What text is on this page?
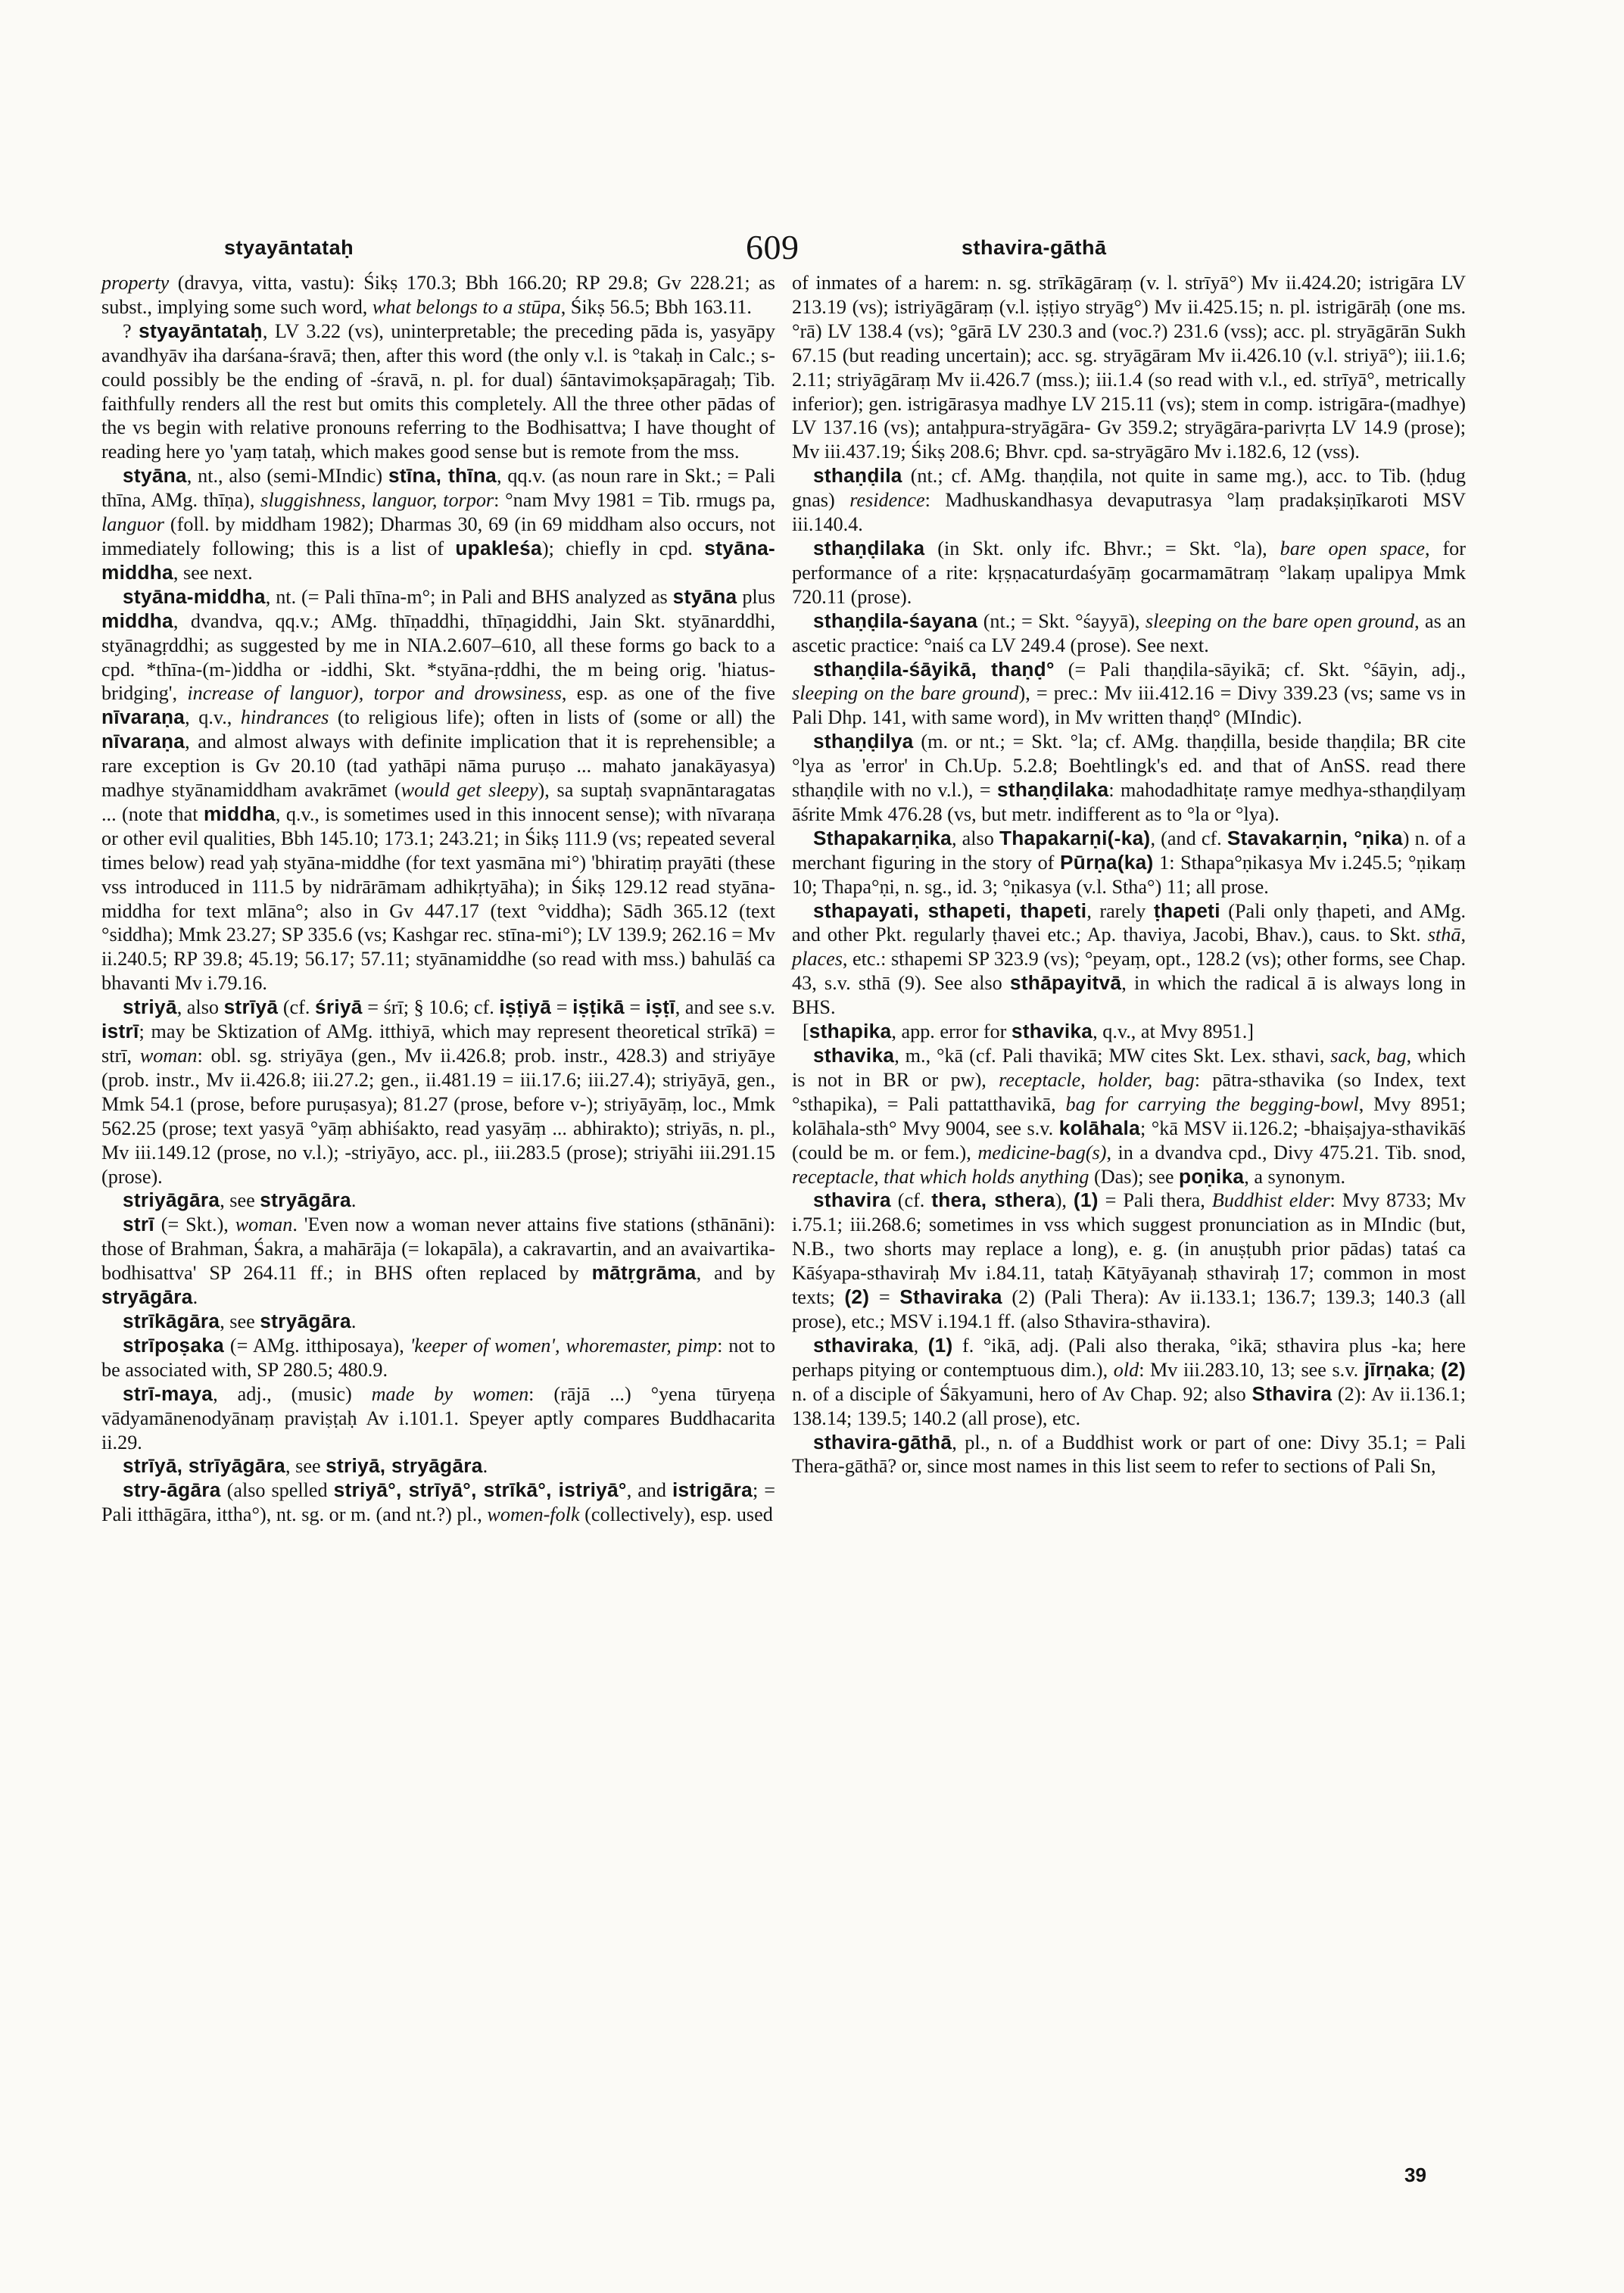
styayāntataḥ	609	sthavira-gāthā

property (dravya, vitta, vastu): Śikṣ 170.3; Bbh 166.20; RP 29.8; Gv 228.21; as subst., implying some such word, what belongs to a stūpa, Śikṣ 56.5; Bbh 163.11.

? styayāntataḥ, LV 3.22 (vs), uninterpretable; the preceding pāda is, yasyāpy avandhyāv iha darśana-śravā; then, after this word (the only v.l. is °takaḥ in Calc.; s- could possibly be the ending of -śravā, n. pl. for dual) śāntavimokṣapāragaḥ; Tib. faithfully renders all the rest but omits this completely. All the three other pādas of the vs begin with relative pronouns referring to the Bodhisattva; I have thought of reading here yo 'yaṃ tataḥ, which makes good sense but is remote from the mss.

styāna, nt., also (semi-MIndic) stīna, thīna, qq.v. (as noun rare in Skt.; = Pali thīna, AMg. thīṇa), sluggishness, languor, torpor: °nam Mvy 1981 = Tib. rmugs pa, languor (foll. by middham 1982); Dharmas 30, 69 (in 69 middham also occurs, not immediately following; this is a list of upakleśa); chiefly in cpd. styāna-middha, see next.

styāna-middha, nt. (= Pali thīna-m°; in Pali and BHS analyzed as styāna plus middha, dvandva, qq.v.; AMg. thīṇaddhi, thīṇagiddhi, Jain Skt. styānarddhi, styānagṛddhi; as suggested by me in NIA.2.607–610, all these forms go back to a cpd. *thīna-(m-)iddha or -iddhi, Skt. *styāna-ṛddhi, the m being orig. 'hiatus-bridging', increase of languor), torpor and drowsiness, esp. as one of the five nīvaraṇa, q.v., hindrances (to religious life); often in lists of (some or all) the nīvaraṇa, and almost always with definite implication that it is reprehensible; a rare exception is Gv 20.10 (tad yathāpi nāma puruṣo ... mahato janakāyasya) madhye styānamiddham avakrāmet (would get sleepy), sa suptaḥ svapnāntaragatas ... (note that middha, q.v., is sometimes used in this innocent sense); with nīvaraṇa or other evil qualities, Bbh 145.10; 173.1; 243.21; in Śikṣ 111.9 (vs; repeated several times below) read yaḥ styāna-middhe (for text yasmāna mi°) 'bhiratiṃ prayāti (these vss introduced in 111.5 by nidrārāmam adhikṛtyāha); in Śikṣ 129.12 read styāna-middha for text mlāna°; also in Gv 447.17 (text °viddha); Sādh 365.12 (text °siddha); Mmk 23.27; SP 335.6 (vs; Kashgar rec. stīna-mi°); LV 139.9; 262.16 = Mv ii.240.5; RP 39.8; 45.19; 56.17; 57.11; styānamiddhe (so read with mss.) bahulāś ca bhavanti Mv i.79.16.

striyā, also strīyā (cf. śriyā = śrī; § 10.6; cf. iṣṭiyā = iṣṭikā = iṣṭī, and see s.v. istrī; may be Sktization of AMg. itthiyā, which may represent theoretical strīkā) = strī, woman: obl. sg. striyāya (gen., Mv ii.426.8; prob. instr., 428.3) and striyāye (prob. instr., Mv ii.426.8; iii.27.2; gen., ii.481.19 = iii.17.6; iii.27.4); striyāyā, gen., Mmk 54.1 (prose, before puruṣasya); 81.27 (prose, before v-); striyāyāṃ, loc., Mmk 562.25 (prose; text yasyā °yāṃ abhiśakto, read yasyāṃ ... abhirakto); striyās, n. pl., Mv iii.149.12 (prose, no v.l.); -striyāyo, acc. pl., iii.283.5 (prose); striyāhi iii.291.15 (prose).

striyāgāra, see stryāgāra.

strī (= Skt.), woman. 'Even now a woman never attains five stations (sthānāni): those of Brahman, Śakra, a mahārāja (= lokapāla), a cakravartin, and an avaivartika-bodhisattva' SP 264.11 ff.; in BHS often replaced by mātṛgrāma, and by stryāgāra.

strīkāgāra, see stryāgāra.

strīpoṣaka (= AMg. itthiposaya), 'keeper of women', whoremaster, pimp: not to be associated with, SP 280.5; 480.9.

strī-maya, adj., (music) made by women: (rājā ...) °yena tūryeṇa vādyamānenodyānaṃ praviṣṭaḥ Av i.101.1. Speyer aptly compares Buddhacarita ii.29.

strīyā, strīyāgāra, see striyā, stryāgāra.

stry-āgāra (also spelled striyā°, strīyā°, strīkā°, istriyā°, and istrigāra; = Pali itthāgāra, ittha°), nt. sg. or m. (and nt.?) pl., women-folk (collectively), esp. used

of inmates of a harem: n. sg. strīkāgāraṃ (v. l. strīyā°) Mv ii.424.20; istrigāra LV 213.19 (vs); istriyāgāraṃ (v.l. iṣṭiyo stryāg°) Mv ii.425.15; n. pl. istrigārāḥ (one ms. °rā) LV 138.4 (vs); °gārā LV 230.3 and (voc.?) 231.6 (vss); acc. pl. stryāgārān Sukh 67.15 (but reading uncertain); acc. sg. stryāgāram Mv ii.426.10 (v.l. striyā°); iii.1.6; 2.11; striyāgāraṃ Mv ii.426.7 (mss.); iii.1.4 (so read with v.l., ed. strīyā°, metrically inferior); gen. istrigārasya madhye LV 215.11 (vs); stem in comp. istrigāra-(madhye) LV 137.16 (vs); antaḥpura-stryāgāra- Gv 359.2; stryāgāra-parivṛta LV 14.9 (prose); Mv iii.437.19; Śikṣ 208.6; Bhvr. cpd. sa-stryāgāro Mv i.182.6, 12 (vss).

sthaṇḍila (nt.; cf. AMg. thaṇḍila, not quite in same mg.), acc. to Tib. (ḥdug gnas) residence: Madhuskandhasya devaputrasya °laṃ pradakṣiṇīkaroti MSV iii.140.4.

sthaṇḍilaka (in Skt. only ifc. Bhvr.; = Skt. °la), bare open space, for performance of a rite: kṛṣṇacaturdaśyāṃ gocarmamātraṃ °lakaṃ upalipya Mmk 720.11 (prose).

sthaṇḍila-śayana (nt.; = Skt. °śayyā), sleeping on the bare open ground, as an ascetic practice: °naiś ca LV 249.4 (prose). See next.

sthaṇḍila-śāyikā, thaṇḍ° (= Pali thaṇḍila-sāyikā; cf. Skt. °śāyin, adj., sleeping on the bare ground), = prec.: Mv iii.412.16 = Divy 339.23 (vs; same vs in Pali Dhp. 141, with same word), in Mv written thaṇḍ° (MIndic).

sthaṇḍilya (m. or nt.; = Skt. °la; cf. AMg. thaṇḍilla, beside thaṇḍila; BR cite °lya as 'error' in Ch.Up. 5.2.8; Boehtlingk's ed. and that of AnSS. read there sthaṇḍile with no v.l.), = sthaṇḍilaka: mahodadhitaṭe ramye medhya-sthaṇḍilyaṃ āśrite Mmk 476.28 (vs, but metr. indifferent as to °la or °lya).

Sthapakarṇika, also Thapakarṇi(-ka), (and cf. Stavakarṇin, °ṇika) n. of a merchant figuring in the story of Pūrṇa(ka) 1: Sthapa°ṇikasya Mv i.245.5; °ṇikaṃ 10; Thapa°ṇi, n. sg., id. 3; °ṇikasya (v.l. Stha°) 11; all prose.

sthapayati, sthapeti, thapeti, rarely ṭhapeti (Pali only ṭhapeti, and AMg. and other Pkt. regularly ṭhavei etc.; Ap. thaviya, Jacobi, Bhav.), caus. to Skt. sthā, places, etc.: sthapemi SP 323.9 (vs); °peyaṃ, opt., 128.2 (vs); other forms, see Chap. 43, s.v. sthā (9). See also sthāpayitvā, in which the radical ā is always long in BHS.

[sthapika, app. error for sthavika, q.v., at Mvy 8951.]

sthavika, m., °kā (cf. Pali thavikā; MW cites Skt. Lex. sthavi, sack, bag, which is not in BR or pw), receptacle, holder, bag: pātra-sthavika (so Index, text °sthapika), = Pali pattatthavikā, bag for carrying the begging-bowl, Mvy 8951; kolāhala-sth° Mvy 9004, see s.v. kolāhala; °kā MSV ii.126.2; -bhaiṣajya-sthavikāś (could be m. or fem.), medicine-bag(s), in a dvandva cpd., Divy 475.21. Tib. snod, receptacle, that which holds anything (Das); see poṇika, a synonym.

sthavira (cf. thera, sthera), (1) = Pali thera, Buddhist elder: Mvy 8733; Mv i.75.1; iii.268.6; sometimes in vss which suggest pronunciation as in MIndic (but, N.B., two shorts may replace a long), e. g. (in anuṣṭubh prior pādas) tataś ca Kāśyapa-sthaviraḥ Mv i.84.11, tataḥ Kātyāyanaḥ sthaviraḥ 17; common in most texts; (2) = Sthaviraka (2) (Pali Thera): Av ii.133.1; 136.7; 139.3; 140.3 (all prose), etc.; MSV i.194.1 ff. (also Sthavira-sthavira).

sthaviraka, (1) f. °ikā, adj. (Pali also theraka, °ikā; sthavira plus -ka; here perhaps pitying or contemptuous dim.), old: Mv iii.283.10, 13; see s.v. jīrṇaka; (2) n. of a disciple of Śākyamuni, hero of Av Chap. 92; also Sthavira (2): Av ii.136.1; 138.14; 139.5; 140.2 (all prose), etc.

sthavira-gāthā, pl., n. of a Buddhist work or part of one: Divy 35.1; = Pali Thera-gāthā? or, since most names in this list seem to refer to sections of Pali Sn,

39
